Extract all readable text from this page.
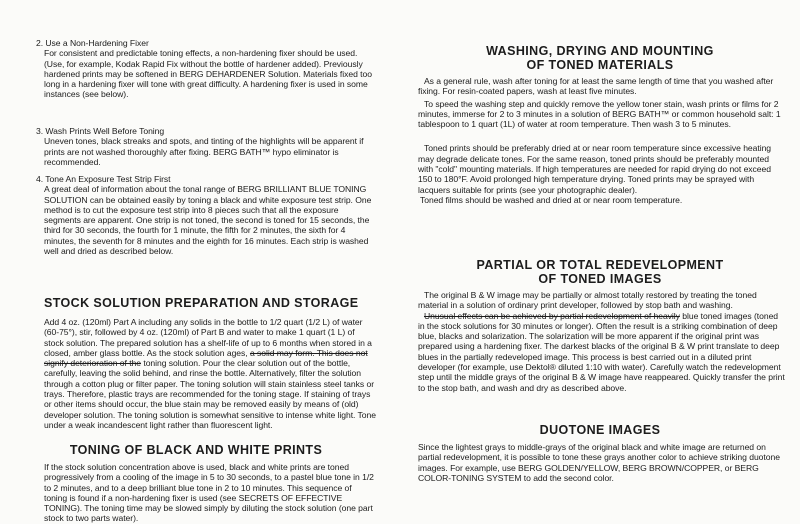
2. Use a Non-Hardening Fixer

For consistent and predictable toning effects, a non-hardening fixer should be used. (Use, for example, Kodak Rapid Fix without the bottle of hardener added). Previously hardened prints may be softened in BERG DEHARDENER Solution. Materials fixed too long in a hardening fixer will tone with great difficulty. A hardening fixer is used in some instances (see below).

3. Wash Prints Well Before Toning

Uneven tones, black streaks and spots, and tinting of the highlights will be apparent if prints are not washed thoroughly after fixing. BERG BATH™ hypo eliminator is recommended.

4. Tone An Exposure Test Strip First

A great deal of information about the tonal range of BERG BRILLIANT BLUE TONING SOLUTION can be obtained easily by toning a black and white exposure test strip. One method is to cut the exposure test strip into 8 pieces such that all the exposure segments are apparent. One strip is not toned, the second is toned for 15 seconds, the third for 30 seconds, the fourth for 1 minute, the fifth for 2 minutes, the sixth for 4 minutes, the seventh for 8 minutes and the eighth for 16 minutes. Each strip is washed well and dried as described below.

STOCK SOLUTION PREPARATION AND STORAGE

Add 4 oz. (120ml) Part A including any solids in the bottle to 1/2 quart (1/2 L) of water (60-75°), stir, followed by 4 oz. (120ml) of Part B and water to make 1 quart (1 L) of stock solution. The prepared solution has a shelf-life of up to 6 months when stored in a closed, amber glass bottle. As the stock solution ages, a solid may form. This does not signify deterioration of the toning solution. Pour the clear solution out of the bottle, carefully, leaving the solid behind, and rinse the bottle. Alternatively, filter the solution through a cotton plug or filter paper. The toning solution will stain stainless steel tanks or trays. Therefore, plastic trays are recommended for the toning stage. If staining of trays or other items should occur, the blue stain may be removed easily by means of (old) developer solution. The toning solution is somewhat sensitive to intense white light. Tone under a weak incandescent light rather than fluorescent light.

TONING OF BLACK AND WHITE PRINTS
If the stock solution concentration above is used, black and white prints are toned progressively from a cooling of the image in 5 to 30 seconds, to a pastel blue tone in 1/2 to 2 minutes, and to a deep brilliant blue tone in 2 to 10 minutes. This sequence of toning is found if a non-hardening fixer is used (see SECRETS OF EFFECTIVE TONING). The toning time may be slowed simply by diluting the stock solution (one part stock to two parts water).
WASHING, DRYING AND MOUNTING
OF TONED MATERIALS

As a general rule, wash after toning for at least the same length of time that you washed after fixing. For resin-coated papers, wash at least five minutes.

To speed the washing step and quickly remove the yellow toner stain, wash prints or films for 2 minutes, immerse for 2 to 3 minutes in a solution of BERG BATH™ or common household salt: 1 tablespoon to 1 quart (1L) of water at room temperature. Then wash 3 to 5 minutes.

Toned prints should be preferably dried at or near room temperature since excessive heating may degrade delicate tones. For the same reason, toned prints should be preferably mounted with "cold" mounting materials. If high temperatures are needed for rapid drying do not exceed 150 to 180°F. Avoid prolonged high temperature drying. Toned prints may be sprayed with lacquers suitable for prints (see your photographic dealer).

Toned films should be washed and dried at or near room temperature.

PARTIAL OR TOTAL REDEVELOPMENT
OF TONED IMAGES

The original B & W image may be partially or almost totally restored by treating the toned material in a solution of ordinary print developer, followed by stop bath and washing.

Unusual effects can be achieved by partial redevelopment of heavily blue toned images (toned in the stock solutions for 30 minutes or longer). Often the result is a striking combination of deep blue, blacks and solarization. The solarization will be more apparent if the original print was prepared using a hardening fixer. The darkest blacks of the original B & W print translate to deep blues in the partially redeveloped image. This process is best carried out in a diluted print developer (for example, use Dektol® diluted 1:10 with water). Carefully watch the redevelopment step until the middle grays of the original B & W image have reappeared. Quickly transfer the print to the stop bath, and wash and dry as described above.

DUOTONE IMAGES
Since the lightest grays to middle-grays of the original black and white image are returned on partial redevelopment, it is possible to tone these grays another color to achieve striking duotone images. For example, use BERG GOLDEN/YELLOW, BERG BROWN/COPPER, or BERG COLOR-TONING SYSTEM to add the second color.
